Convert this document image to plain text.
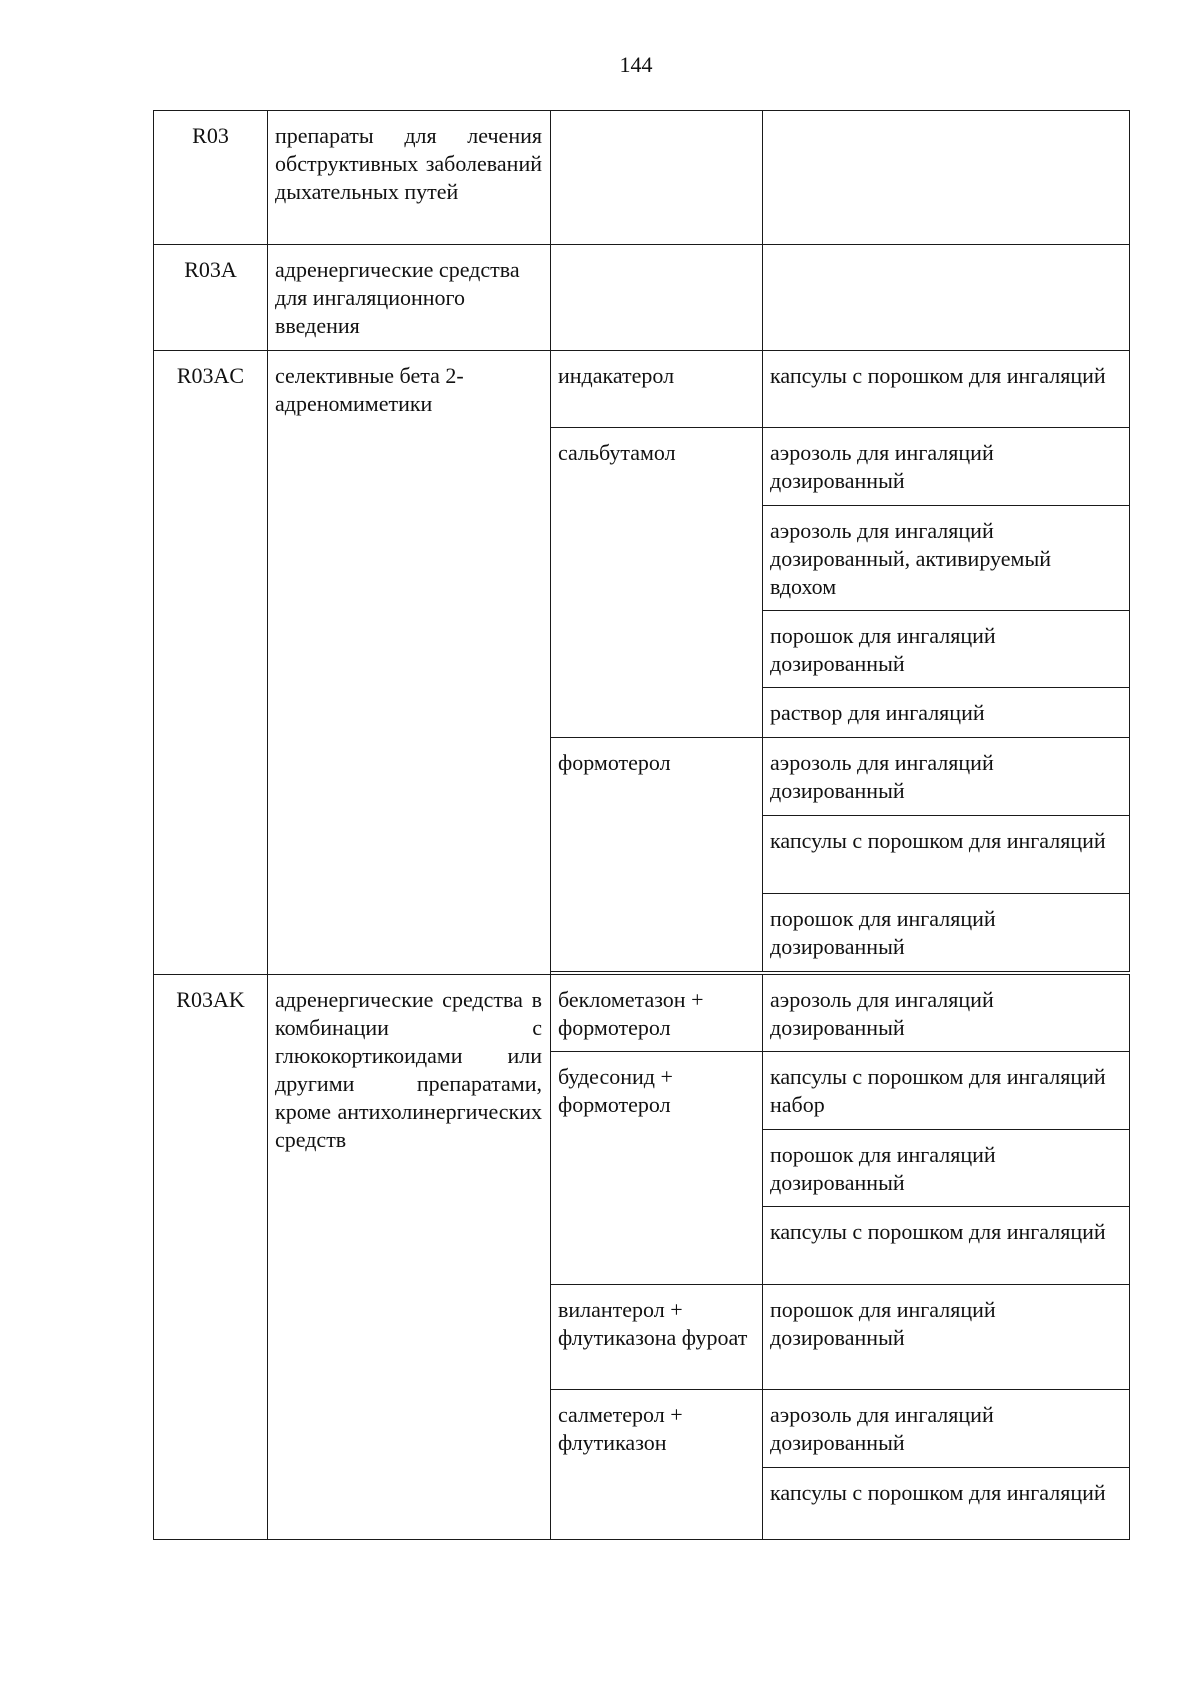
144
R03	препараты для лечения обструктивных заболеваний дыхательных путей		
R03A	адренергические средства для ингаляционного введения		
R03AC	селективные бета 2-адреномиметики	индакатерол	капсулы с порошком для ингаляций
		сальбутамол	аэрозоль для ингаляций дозированный
			аэрозоль для ингаляций дозированный, активируемый вдохом
			порошок для ингаляций дозированный
			раствор для ингаляций
		формотерол	аэрозоль для ингаляций дозированный
			капсулы с порошком для ингаляций
			порошок для ингаляций дозированный

R03AK	адренергические средства в комбинации с глюкокортикоидами или другими препаратами, кроме антихолинергических средств	беклометазон + формотерол	аэрозоль для ингаляций дозированный
		будесонид + формотерол	капсулы с порошком для ингаляций набор
			порошок для ингаляций дозированный
			капсулы с порошком для ингаляций
		вилантерол + флутиказона фуроат	порошок для ингаляций дозированный
		салметерол + флутиказон	аэрозоль для ингаляций дозированный
			капсулы с порошком для ингаляций
